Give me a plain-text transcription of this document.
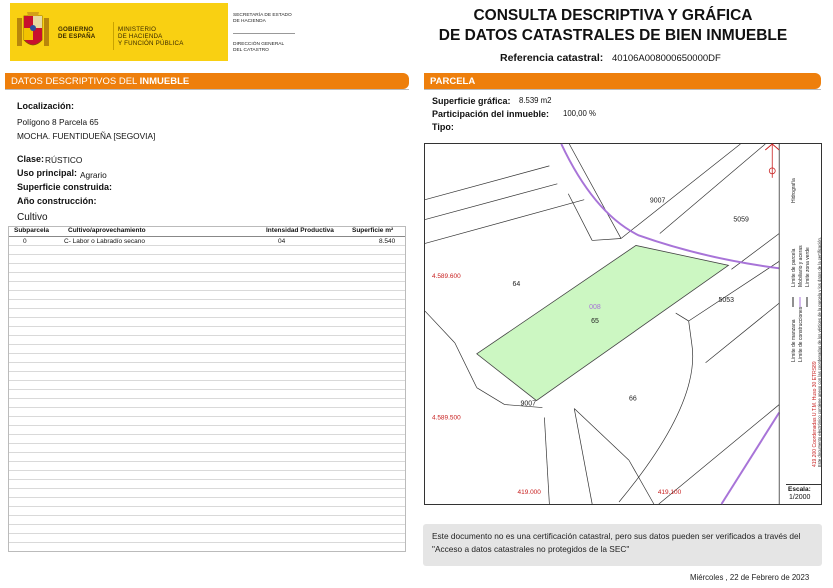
GOBIERNO
DE ESPAÑA
MINISTERIO
DE HACIENDA
Y FUNCIÓN PÚBLICA
SECRETARÍA DE ESTADO
DE HACIENDA
DIRECCIÓN GENERAL
DEL CATASTRO
CONSULTA DESCRIPTIVA Y GRÁFICA
DE DATOS CATASTRALES DE BIEN INMUEBLE
Referencia catastral: 40106A008000650000DF
DATOS DESCRIPTIVOS DEL INMUEBLE
Localización:
Polígono 8 Parcela 65
MOCHA. FUENTIDUEÑA [SEGOVIA]
Clase: RÚSTICO
Uso principal: Agrario
Superficie construida:
Año construcción:
Cultivo
Subparcela	Cultivo/aprovechamiento	Intensidad Productiva	Superficie m²
0	C- Labor o Labradío secano	04	8.540
PARCELA
Superficie gráfica: 8.539 m2
Participación del inmueble: 100,00 %
Tipo:
9007
5059
64
008
65
5053
9007
66
4.589.600
4.589.500
419.000	419.100
Límite de manzana
Límite de parcela
Límite de construcciones
Mobiliario y aceras Límite zona verde
Hidrografía
419.200 Coordenadas U.T.M. Huso 30 ETRS89 Este documento electrónico contiene anexo con las coordenadas de los vértices de la parcela y los datos de la certificación.
Escala:
1/2000
Este documento no es una certificación catastral, pero sus datos pueden ser verificados a través del "Acceso a datos catastrales no protegidos de la SEC"
Miércoles , 22 de Febrero de 2023
